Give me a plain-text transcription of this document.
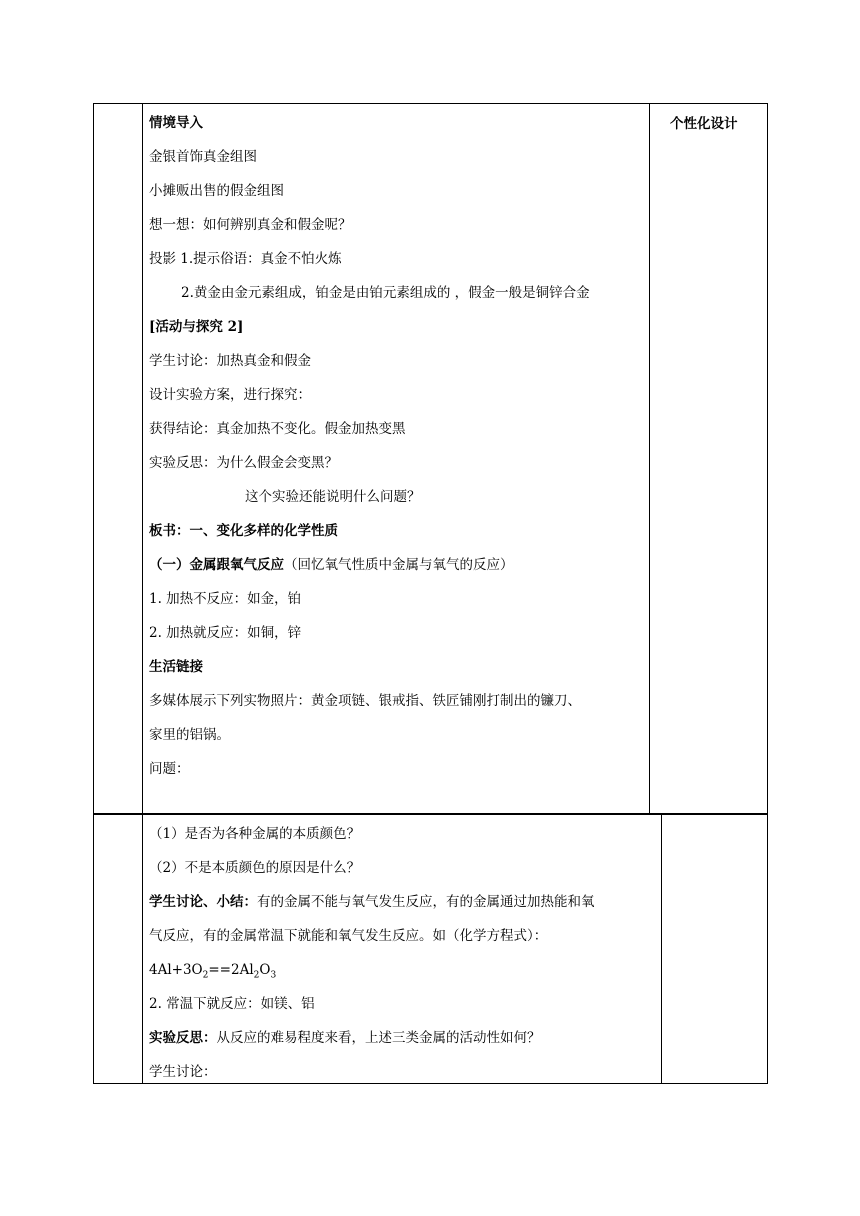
个性化设计
情境导入
金银首饰真金组图
小摊贩出售的假金组图
想一想：如何辨别真金和假金呢？
投影 1.提示俗语：真金不怕火炼
2.黄金由金元素组成，铂金是由铂元素组成的 ，假金一般是铜锌合金
[活动与探究 2]
学生讨论：加热真金和假金
设计实验方案，进行探究：
获得结论：真金加热不变化。假金加热变黑
实验反思：为什么假金会变黑？
这个实验还能说明什么问题？
板书：一、变化多样的化学性质
（一）金属跟氧气反应（回忆氧气性质中金属与氧气的反应）
1. 加热不反应：如金，铂
2. 加热就反应：如铜，锌
生活链接
多媒体展示下列实物照片：黄金项链、银戒指、铁匠铺刚打制出的镰刀、
家里的铝锅。
问题：
（1）是否为各种金属的本质颜色？
（2）不是本质颜色的原因是什么？
学生讨论、小结：有的金属不能与氧气发生反应，有的金属通过加热能和氧
气反应，有的金属常温下就能和氧气发生反应。如（化学方程式）：
$4Al+3O_2==2Al_2O_3$
2. 常温下就反应：如镁、铝
实验反思：从反应的难易程度来看，上述三类金属的活动性如何？
学生讨论：
